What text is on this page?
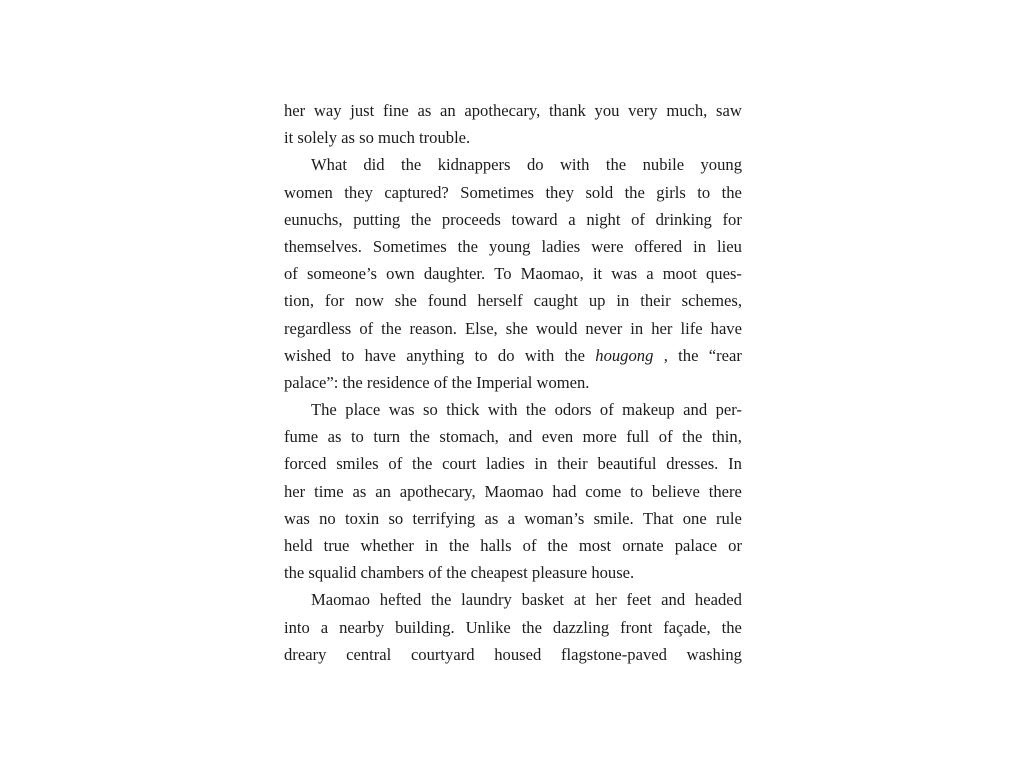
her way just fine as an apothecary, thank you very much, saw
it solely as so much trouble.

What did the kidnappers do with the nubile young
women they captured? Sometimes they sold the girls to the
eunuchs, putting the proceeds toward a night of drinking for
themselves. Sometimes the young ladies were offered in lieu
of someone’s own daughter. To Maomao, it was a moot ques-
tion, for now she found herself caught up in their schemes,
regardless of the reason. Else, she would never in her life have
wished to have anything to do with the hougong , the “rear
palace”: the residence of the Imperial women.

The place was so thick with the odors of makeup and per-
fume as to turn the stomach, and even more full of the thin,
forced smiles of the court ladies in their beautiful dresses. In
her time as an apothecary, Maomao had come to believe there
was no toxin so terrifying as a woman’s smile. That one rule
held true whether in the halls of the most ornate palace or
the squalid chambers of the cheapest pleasure house.

Maomao hefted the laundry basket at her feet and headed
into a nearby building. Unlike the dazzling front façade, the
dreary central courtyard housed flagstone-paved washing
